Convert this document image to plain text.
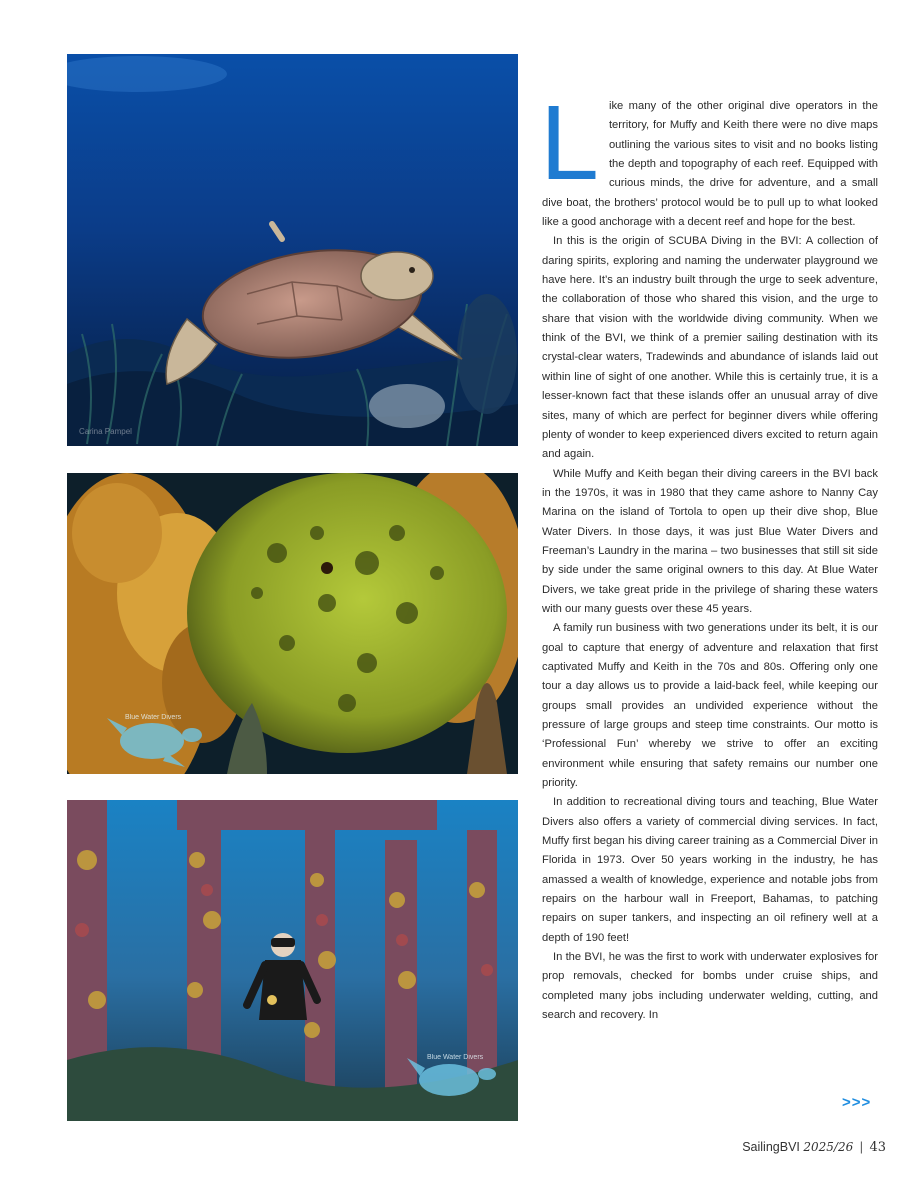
Carina Pampel
Blue Water Divers
Blue Water Divers

Like many of the other original dive operators in the territory, for Muffy and Keith there were no dive maps outlining the various sites to visit and no books listing the depth and topography of each reef. Equipped with curious minds, the drive for adventure, and a small dive boat, the brothers’ protocol would be to pull up to what looked like a good anchorage with a decent reef and hope for the best.

In this is the origin of SCUBA Diving in the BVI: A collection of daring spirits, exploring and naming the underwater playground we have here. It’s an industry built through the urge to seek adventure, the collaboration of those who shared this vision, and the urge to share that vision with the worldwide diving community. When we think of the BVI, we think of a premier sailing destination with its crystal-clear waters, Tradewinds and abundance of islands laid out within line of sight of one another. While this is certainly true, it is a lesser-known fact that these islands offer an unusual array of dive sites, many of which are perfect for beginner divers while offering plenty of wonder to keep experienced divers excited to return again and again.

While Muffy and Keith began their diving careers in the BVI back in the 1970s, it was in 1980 that they came ashore to Nanny Cay Marina on the island of Tortola to open up their dive shop, Blue Water Divers. In those days, it was just Blue Water Divers and Freeman’s Laundry in the marina – two businesses that still sit side by side under the same original owners to this day. At Blue Water Divers, we take great pride in the privilege of sharing these waters with our many guests over these 45 years.

A family run business with two generations under its belt, it is our goal to capture that energy of adventure and relaxation that first captivated Muffy and Keith in the 70s and 80s. Offering only one tour a day allows us to provide a laid-back feel, while keeping our groups small provides an undivided experience without the pressure of large groups and steep time constraints. Our motto is ‘Professional Fun’ whereby we strive to offer an exciting environment while ensuring that safety remains our number one priority.

In addition to recreational diving tours and teaching, Blue Water Divers also offers a variety of commercial diving services. In fact, Muffy first began his diving career training as a Commercial Diver in Florida in 1973. Over 50 years working in the industry, he has amassed a wealth of knowledge, experience and notable jobs from repairs on the harbour wall in Freeport, Bahamas, to patching repairs on super tankers, and inspecting an oil refinery well at a depth of 190 feet!

In the BVI, he was the first to work with underwater explosives for prop removals, checked for bombs under cruise ships, and completed many jobs including underwater welding, cutting, and search and recovery. In

>>>
SailingBVI 2025/26 | 43
